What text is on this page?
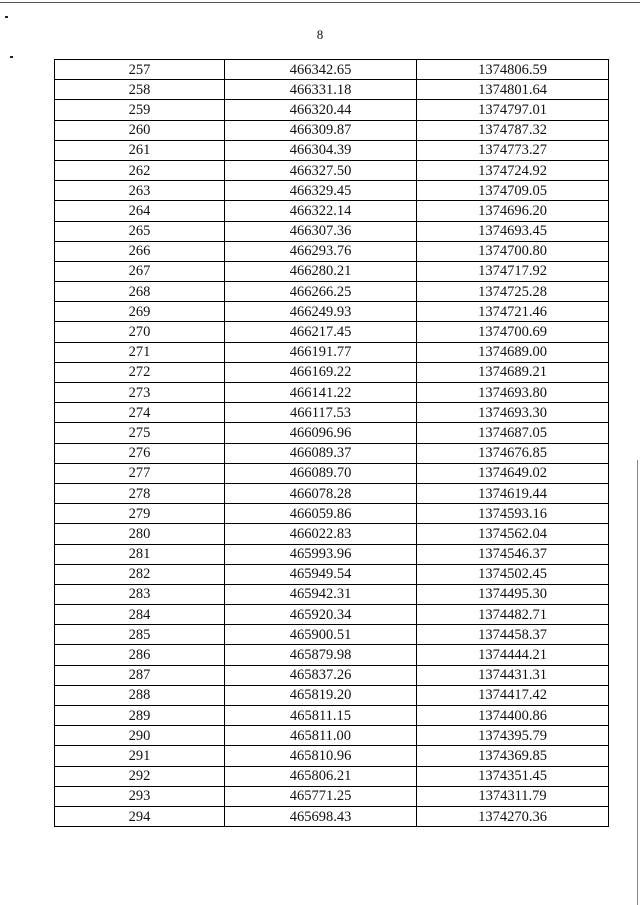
8
257	466342.65	1374806.59
258	466331.18	1374801.64
259	466320.44	1374797.01
260	466309.87	1374787.32
261	466304.39	1374773.27
262	466327.50	1374724.92
263	466329.45	1374709.05
264	466322.14	1374696.20
265	466307.36	1374693.45
266	466293.76	1374700.80
267	466280.21	1374717.92
268	466266.25	1374725.28
269	466249.93	1374721.46
270	466217.45	1374700.69
271	466191.77	1374689.00
272	466169.22	1374689.21
273	466141.22	1374693.80
274	466117.53	1374693.30
275	466096.96	1374687.05
276	466089.37	1374676.85
277	466089.70	1374649.02
278	466078.28	1374619.44
279	466059.86	1374593.16
280	466022.83	1374562.04
281	465993.96	1374546.37
282	465949.54	1374502.45
283	465942.31	1374495.30
284	465920.34	1374482.71
285	465900.51	1374458.37
286	465879.98	1374444.21
287	465837.26	1374431.31
288	465819.20	1374417.42
289	465811.15	1374400.86
290	465811.00	1374395.79
291	465810.96	1374369.85
292	465806.21	1374351.45
293	465771.25	1374311.79
294	465698.43	1374270.36
